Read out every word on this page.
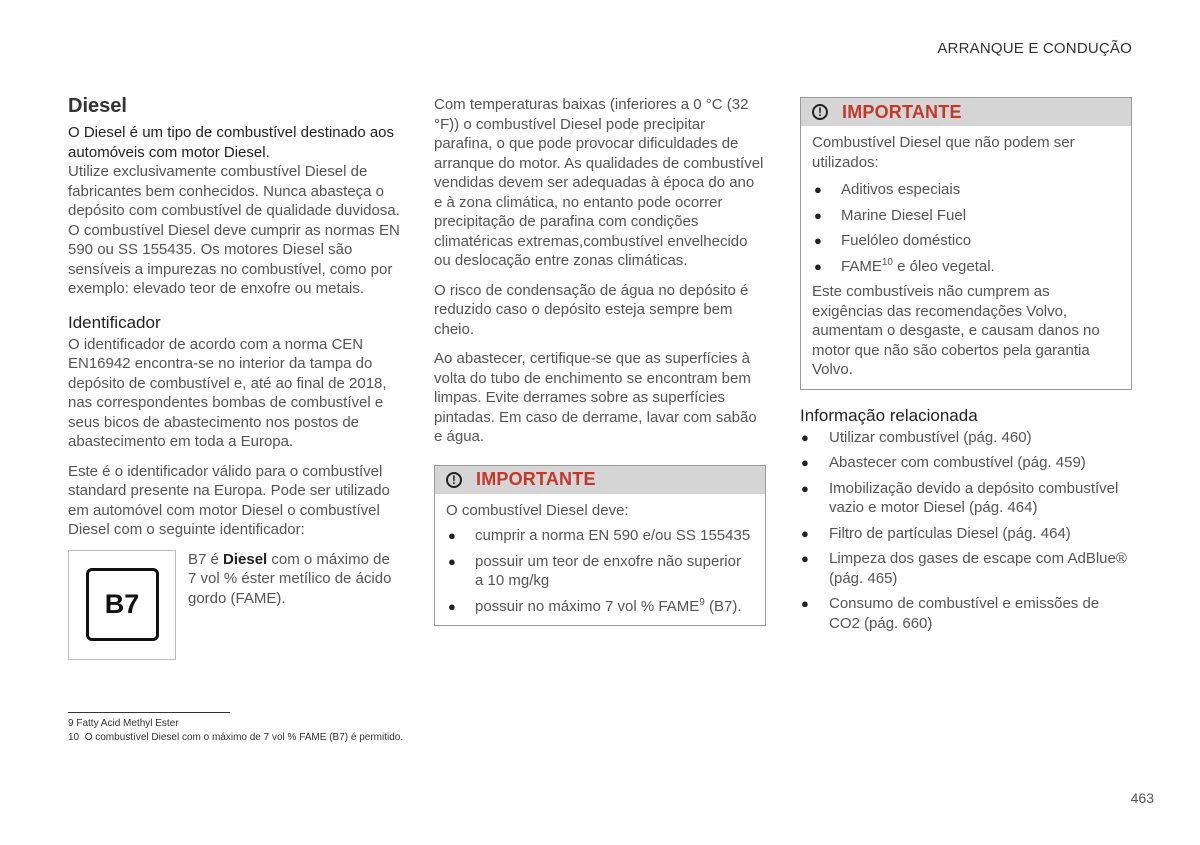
ARRANQUE E CONDUÇÃO
Diesel

O Diesel é um tipo de combustível destinado aos automóveis com motor Diesel.

Utilize exclusivamente combustível Diesel de fabricantes bem conhecidos. Nunca abasteça o depósito com combustível de qualidade duvidosa. O combustível Diesel deve cumprir as normas EN 590 ou SS 155435. Os motores Diesel são sensíveis a impurezas no combustível, como por exemplo: elevado teor de enxofre ou metais.

Identificador

O identificador de acordo com a norma CEN EN16942 encontra-se no interior da tampa do depósito de combustível e, até ao final de 2018, nas correspondentes bombas de combustível e seus bicos de abastecimento nos postos de abastecimento em toda a Europa.

Este é o identificador válido para o combustível standard presente na Europa. Pode ser utilizado em automóvel com motor Diesel o combustível Diesel com o seguinte identificador:

B7
B7 é Diesel com o máximo de 7 vol % éster metílico de ácido gordo (FAME).

Com temperaturas baixas (inferiores a 0 °C (32 °F)) o combustível Diesel pode precipitar parafina, o que pode provocar dificuldades de arranque do motor. As qualidades de combustível vendidas devem ser adequadas à época do ano e à zona climática, no entanto pode ocorrer precipitação de parafina com condições climatéricas extremas,combustível envelhecido ou deslocação entre zonas climáticas.

O risco de condensação de água no depósito é reduzido caso o depósito esteja sempre bem cheio.

Ao abastecer, certifique-se que as superfícies à volta do tubo de enchimento se encontram bem limpas. Evite derrames sobre as superfícies pintadas. Em caso de derrame, lavar com sabão e água.

!	IMPORTANTE

O combustível Diesel deve:

● cumprir a norma EN 590 e/ou SS 155435
● possuir um teor de enxofre não superior a 10 mg/kg
● possuir no máximo 7 vol % FAME$^9$ (B7).
!	IMPORTANTE

Combustível Diesel que não podem ser utilizados:

● Aditivos especiais
● Marine Diesel Fuel
● Fuelóleo doméstico
● FAME$^{10}$ e óleo vegetal.

Este combustíveis não cumprem as exigências das recomendações Volvo, aumentam o desgaste, e causam danos no motor que não são cobertos pela garantia Volvo.

Informação relacionada
● Utilizar combustível (pág. 460)
● Abastecer com combustível (pág. 459)
● Imobilização devido a depósito combustível vazio e motor Diesel (pág. 464)
● Filtro de partículas Diesel (pág. 464)
● Limpeza dos gases de escape com AdBlue® (pág. 465)
● Consumo de combustível e emissões de CO2 (pág. 660)
9 Fatty Acid Methyl Ester
10 O combustível Diesel com o máximo de 7 vol % FAME (B7) é permitido.
463
